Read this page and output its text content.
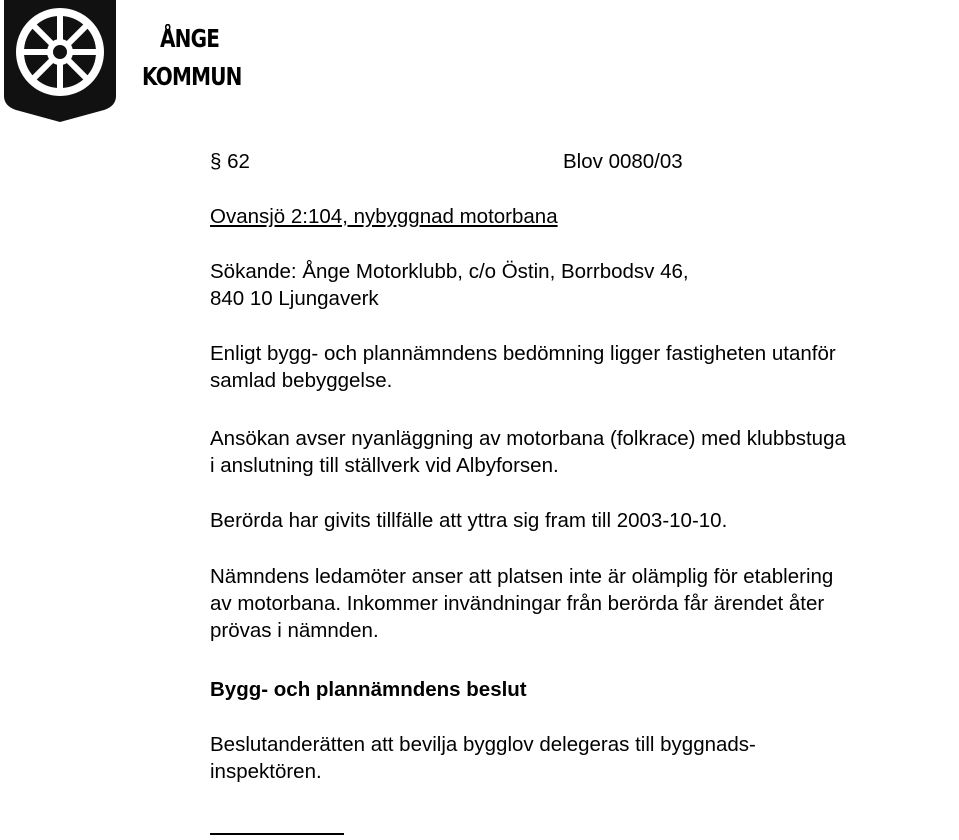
ÅNGE
KOMMUN
§ 62	Blov 0080/03
Ovansjö 2:104, nybyggnad motorbana
Sökande: Ånge Motorklubb, c/o Östin, Borrbodsv 46,
840 10 Ljungaverk
Enligt bygg- och plannämndens bedömning ligger fastigheten utanför
samlad bebyggelse.
Ansökan avser nyanläggning av motorbana (folkrace) med klubbstuga
i anslutning till ställverk vid Albyforsen.
Berörda har givits tillfälle att yttra sig fram till 2003-10-10.
Nämndens ledamöter anser att platsen inte är olämplig för etablering
av motorbana. Inkommer invändningar från berörda får ärendet åter
prövas i nämnden.
Bygg- och plannämndens beslut
Beslutanderätten att bevilja bygglov delegeras till byggnads-
inspektören.
